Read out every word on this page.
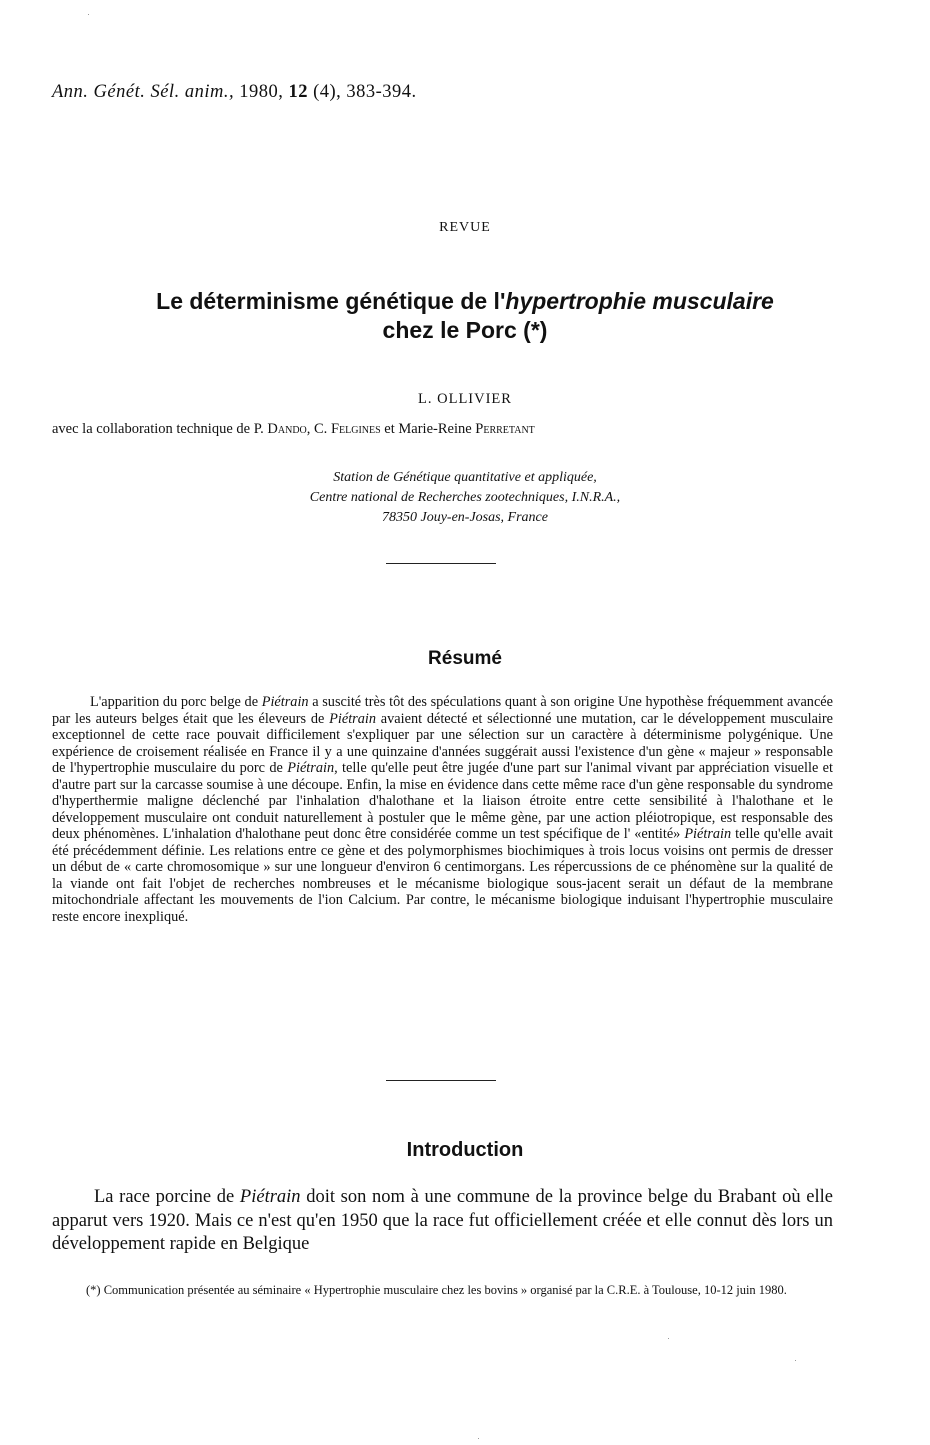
Ann. Génét. Sél. anim., 1980, 12 (4), 383-394.
REVUE
Le déterminisme génétique de l'hypertrophie musculaire
chez le Porc (*)
L. OLLIVIER
avec la collaboration technique de P. Dando, C. Felgines et Marie-Reine Perretant
Station de Génétique quantitative et appliquée,
Centre national de Recherches zootechniques, I.N.R.A.,
78350 Jouy-en-Josas, France
Résumé

L'apparition du porc belge de Piétrain a suscité très tôt des spéculations quant à son origine Une hypothèse fréquemment avancée par les auteurs belges était que les éleveurs de Piétrain avaient détecté et sélectionné une mutation, car le développement musculaire exceptionnel de cette race pouvait difficilement s'expliquer par une sélection sur un caractère à déterminisme polygénique. Une expérience de croisement réalisée en France il y a une quinzaine d'années suggérait aussi l'existence d'un gène « majeur » responsable de l'hypertrophie musculaire du porc de Piétrain, telle qu'elle peut être jugée d'une part sur l'animal vivant par appréciation visuelle et d'autre part sur la carcasse soumise à une découpe. Enfin, la mise en évidence dans cette même race d'un gène responsable du syndrome d'hyperthermie maligne déclenché par l'inhalation d'halothane et la liaison étroite entre cette sensibilité à l'halothane et le développement musculaire ont conduit naturellement à postuler que le même gène, par une action pléiotropique, est responsable des deux phénomènes. L'inhalation d'halothane peut donc être considérée comme un test spécifique de l' «entité» Piétrain telle qu'elle avait été précédemment définie. Les relations entre ce gène et des polymorphismes biochimiques à trois locus voisins ont permis de dresser un début de « carte chromosomique » sur une longueur d'environ 6 centimorgans. Les répercussions de ce phénomène sur la qualité de la viande ont fait l'objet de recherches nombreuses et le mécanisme biologique sous-jacent serait un défaut de la membrane mitochondriale affectant les mouvements de l'ion Calcium. Par contre, le mécanisme biologique induisant l'hypertrophie musculaire reste encore inexpliqué.

Introduction

La race porcine de Piétrain doit son nom à une commune de la province belge du Brabant où elle apparut vers 1920. Mais ce n'est qu'en 1950 que la race fut officiellement créée et elle connut dès lors un développement rapide en Belgique

(*) Communication présentée au séminaire « Hypertrophie musculaire chez les bovins » organisé par la C.R.E. à Toulouse, 10-12 juin 1980.
